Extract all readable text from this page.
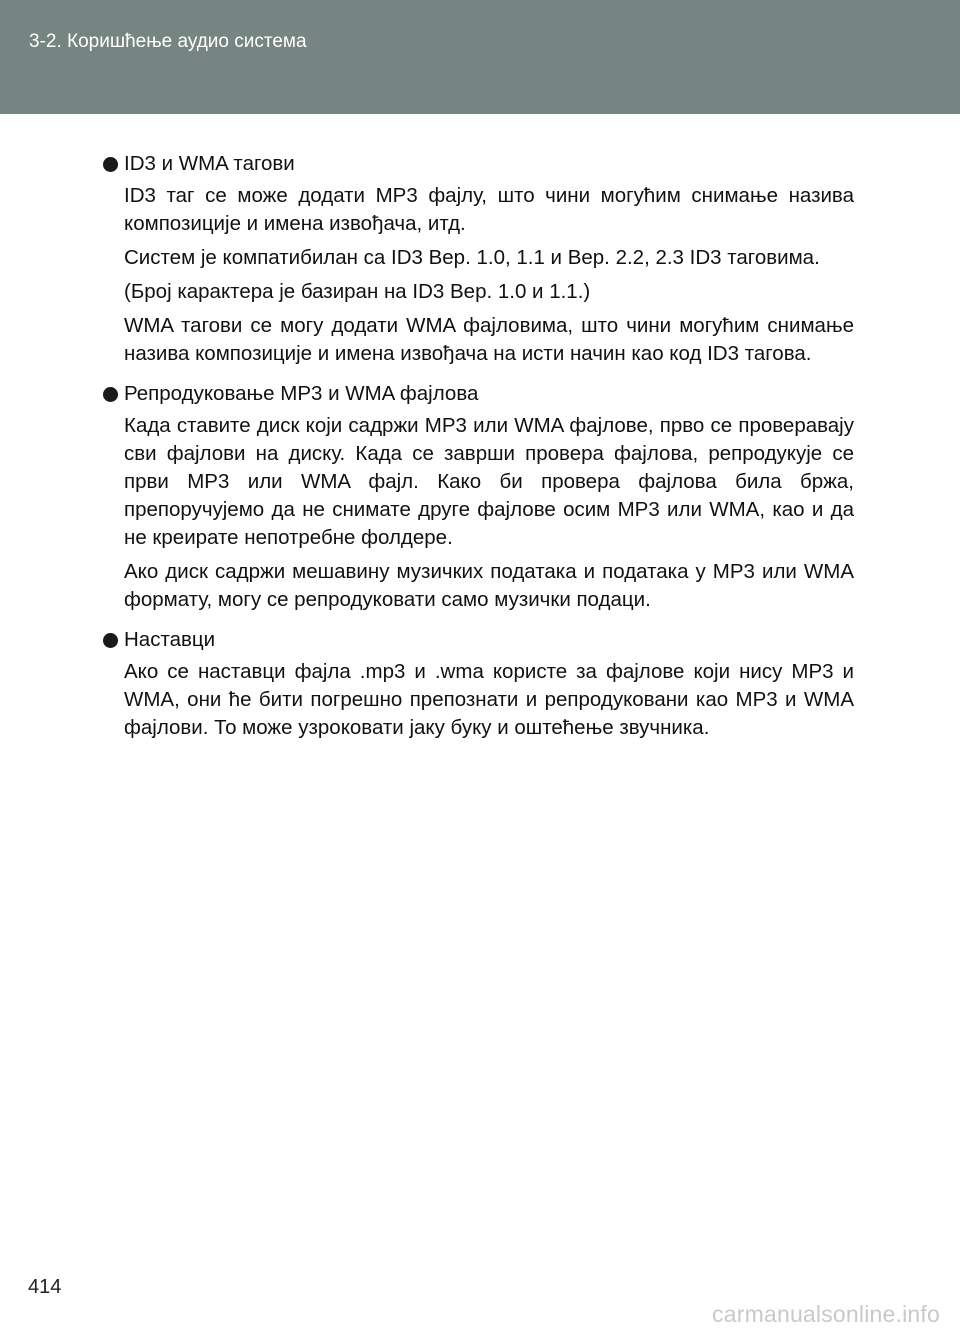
3-2. Коришћење аудио система
ID3 и WMA тагови

ID3 таг се може додати MP3 фајлу, што чини могућим снимање назива композиције и имена извођача, итд.

Систем је компатибилан са ID3 Вер. 1.0, 1.1 и Вер. 2.2, 2.3 ID3 таговима.

(Број карактера је базиран на ID3 Вер. 1.0 и 1.1.)

WMA тагови се могу додати WMA фајловима, што чини могућим снимање назива композиције и имена извођача на исти начин као код ID3 тагова.

Репродуковање MP3 и WMA фајлова

Када ставите диск који садржи MP3 или WMA фајлове, прво се проверавају сви фајлови на диску. Када се заврши провера фајлова, репродукује се први MP3 или WMA фајл. Како би провера фајлова била бржа, препоручујемо да не снимате друге фајлове осим MP3 или WMA, као и да не креирате непотребне фолдере.

Ако диск садржи мешавину музичких података и података у MP3 или WMA формату, могу се репродуковати само музички подаци.

Наставци

Ако се наставци фајла .mp3 и .wma користе за фајлове који нису MP3 и WMA, они ће бити погрешно препознати и репродуковани као MP3 и WMA фајлови. То може узроковати јаку буку и оштећење звучника.

414
carmanualsonline.info
